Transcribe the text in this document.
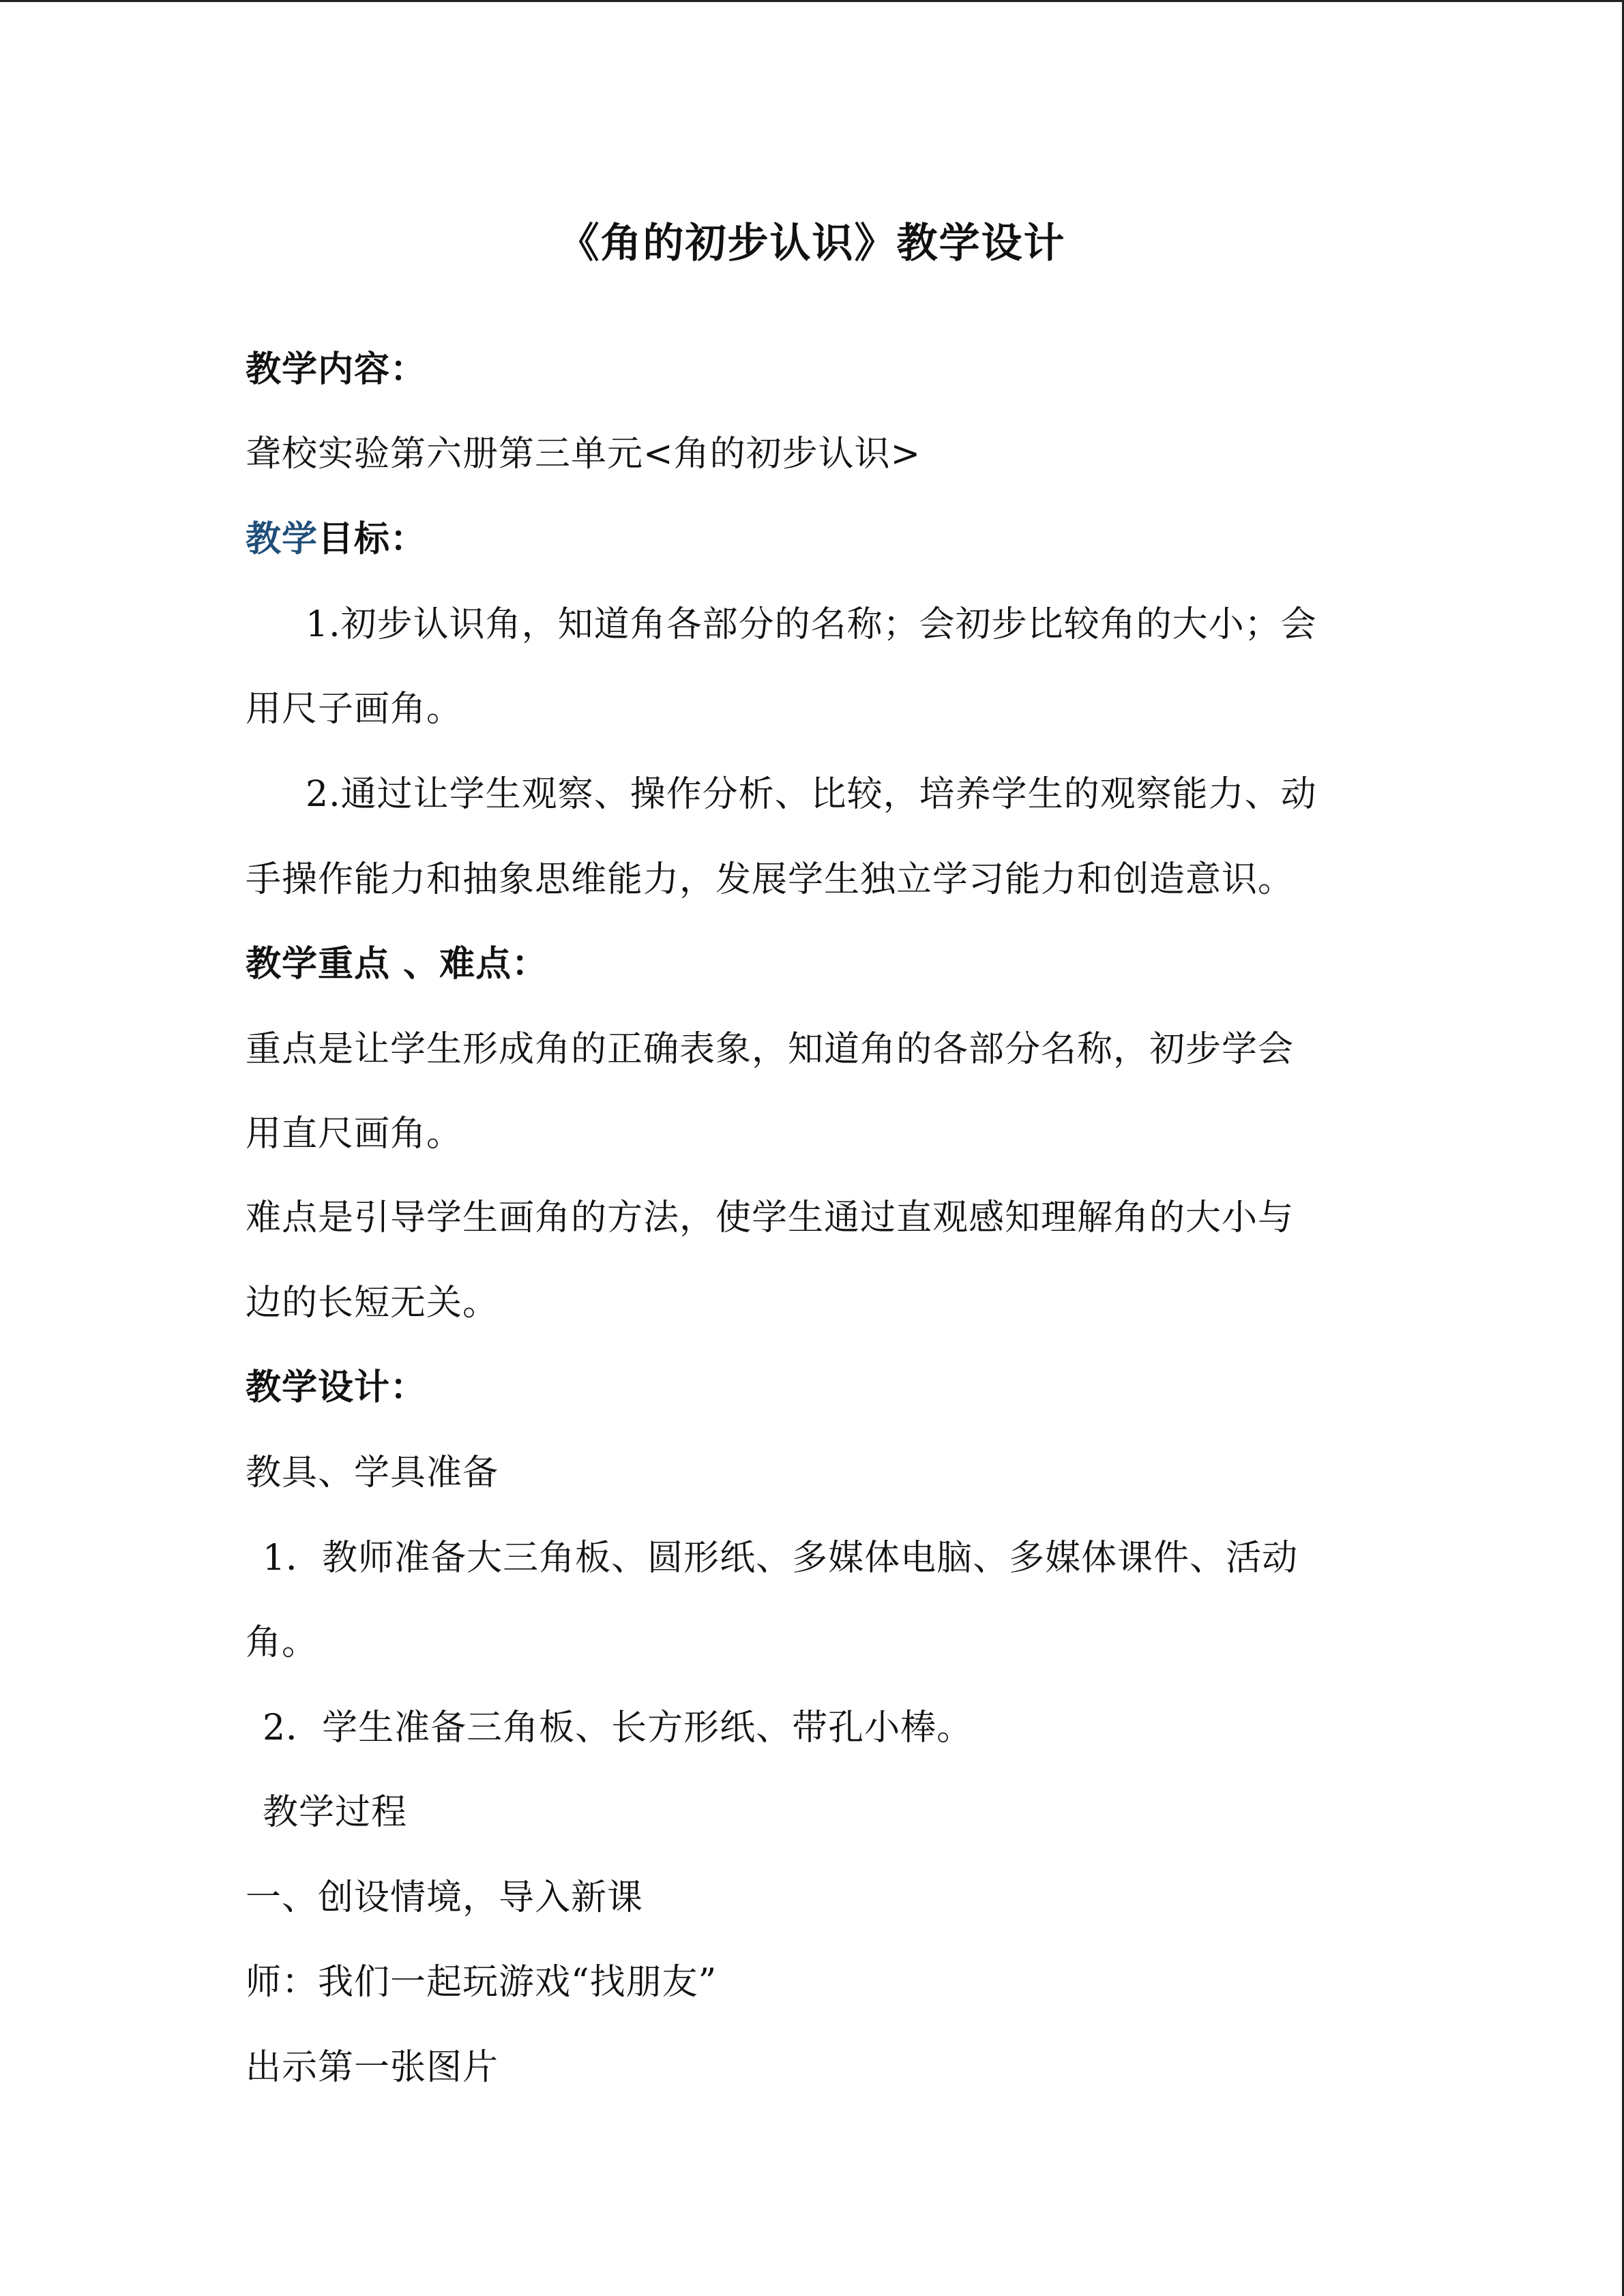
《角的初步认识》教学设计

教学内容：

聋校实验第六册第三单元<角的初步认识>

教学目标：

1.初步认识角，知道角各部分的名称；会初步比较角的大小；会

用尺子画角。

2.通过让学生观察、操作分析、比较，培养学生的观察能力、动

手操作能力和抽象思维能力，发展学生独立学习能力和创造意识。

教学重点 、难点：

重点是让学生形成角的正确表象，知道角的各部分名称，初步学会

用直尺画角。

难点是引导学生画角的方法，使学生通过直观感知理解角的大小与

边的长短无关。

教学设计：

教具、学具准备

1．教师准备大三角板、圆形纸、多媒体电脑、多媒体课件、活动

角。

2．学生准备三角板、长方形纸、带孔小棒。

教学过程

一、创设情境，导入新课

师：我们一起玩游戏“找朋友”

出示第一张图片
